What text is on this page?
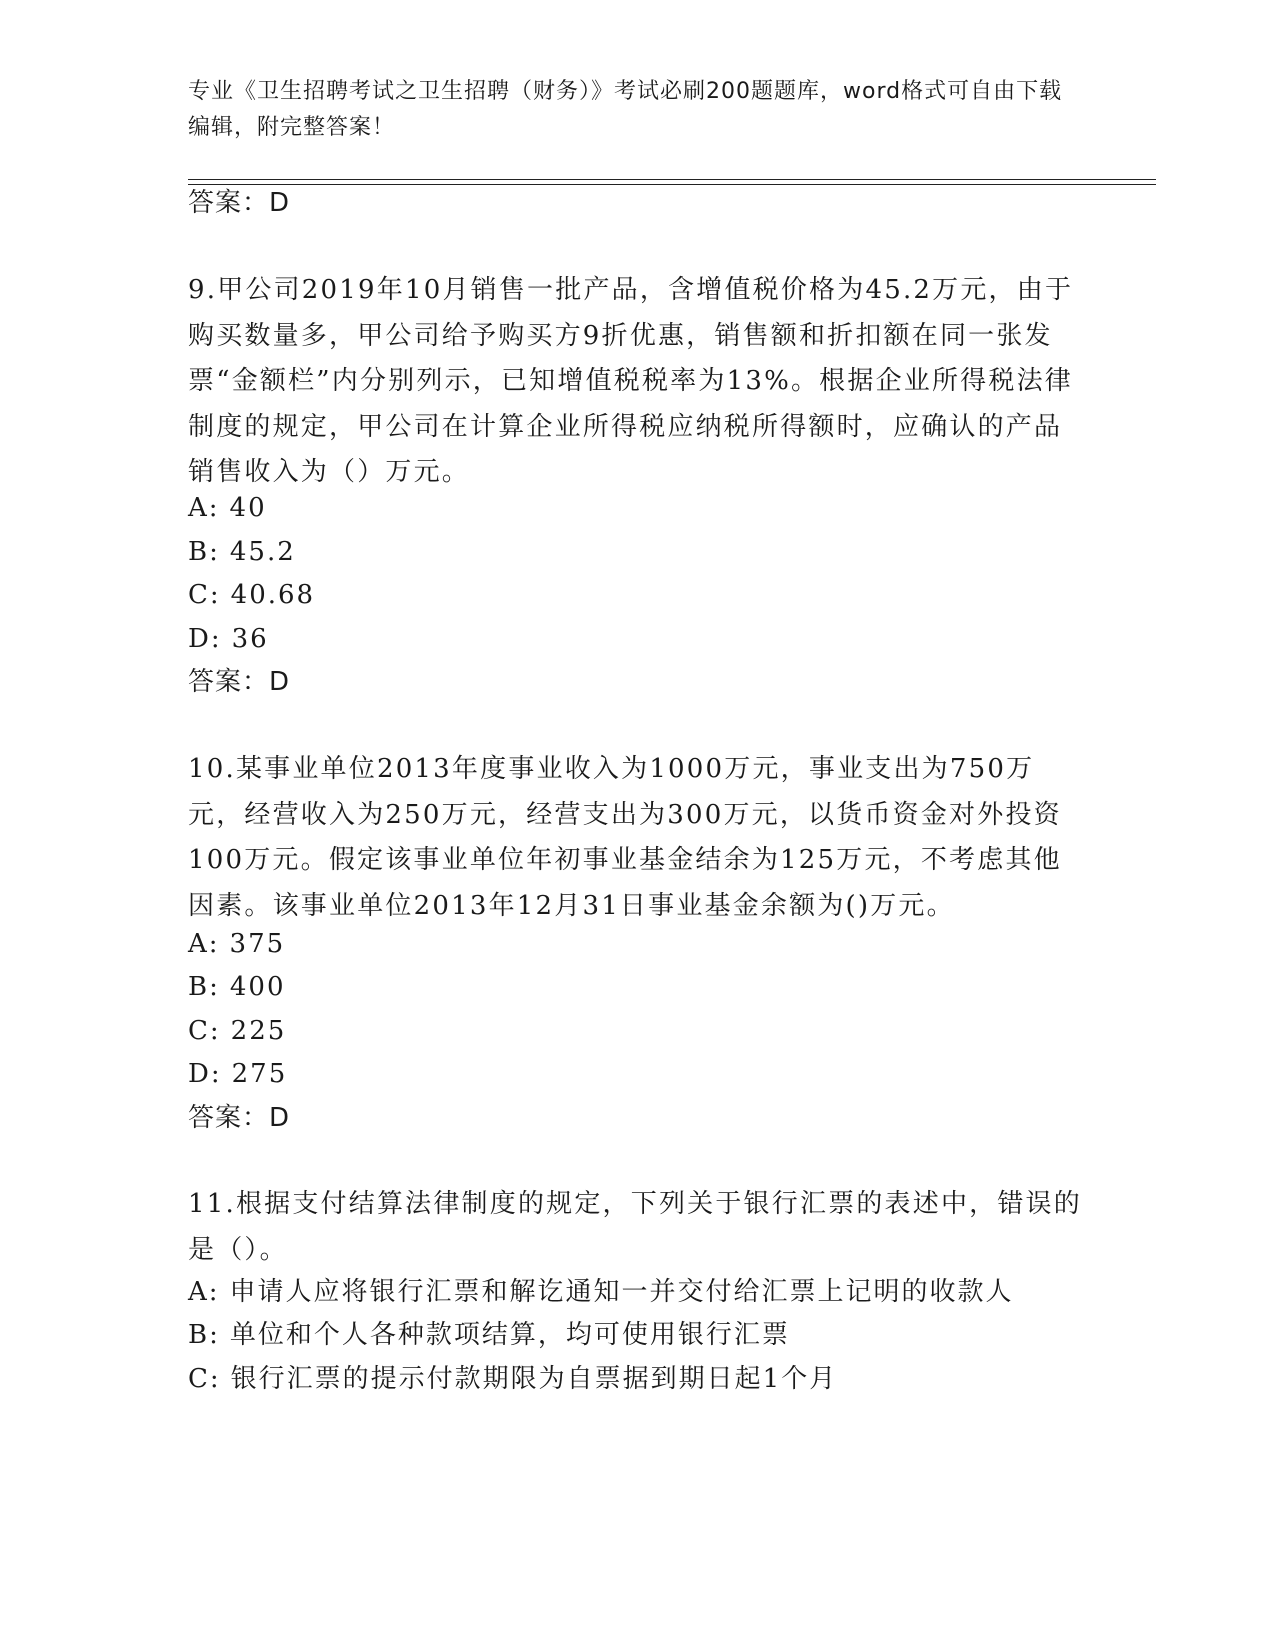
专业《卫生招聘考试之卫生招聘（财务）》考试必刷200题题库，word格式可自由下载编辑，附完整答案！
答案：D

9.甲公司2019年10月销售一批产品，含增值税价格为45.2万元，由于购买数量多，甲公司给予购买方9折优惠，销售额和折扣额在同一张发票“金额栏”内分别列示，已知增值税税率为13%。根据企业所得税法律制度的规定，甲公司在计算企业所得税应纳税所得额时，应确认的产品销售收入为（）万元。

A: 40
B: 45.2
C: 40.68
D: 36
答案：D

10.某事业单位2013年度事业收入为1000万元，事业支出为750万元，经营收入为250万元，经营支出为300万元，以货币资金对外投资100万元。假定该事业单位年初事业基金结余为125万元，不考虑其他因素。该事业单位2013年12月31日事业基金余额为()万元。

A: 375
B: 400
C: 225
D: 275
答案：D

11.根据支付结算法律制度的规定，下列关于银行汇票的表述中，错误的是（）。

A: 申请人应将银行汇票和解讫通知一并交付给汇票上记明的收款人
B: 单位和个人各种款项结算，均可使用银行汇票
C: 银行汇票的提示付款期限为自票据到期日起1个月
